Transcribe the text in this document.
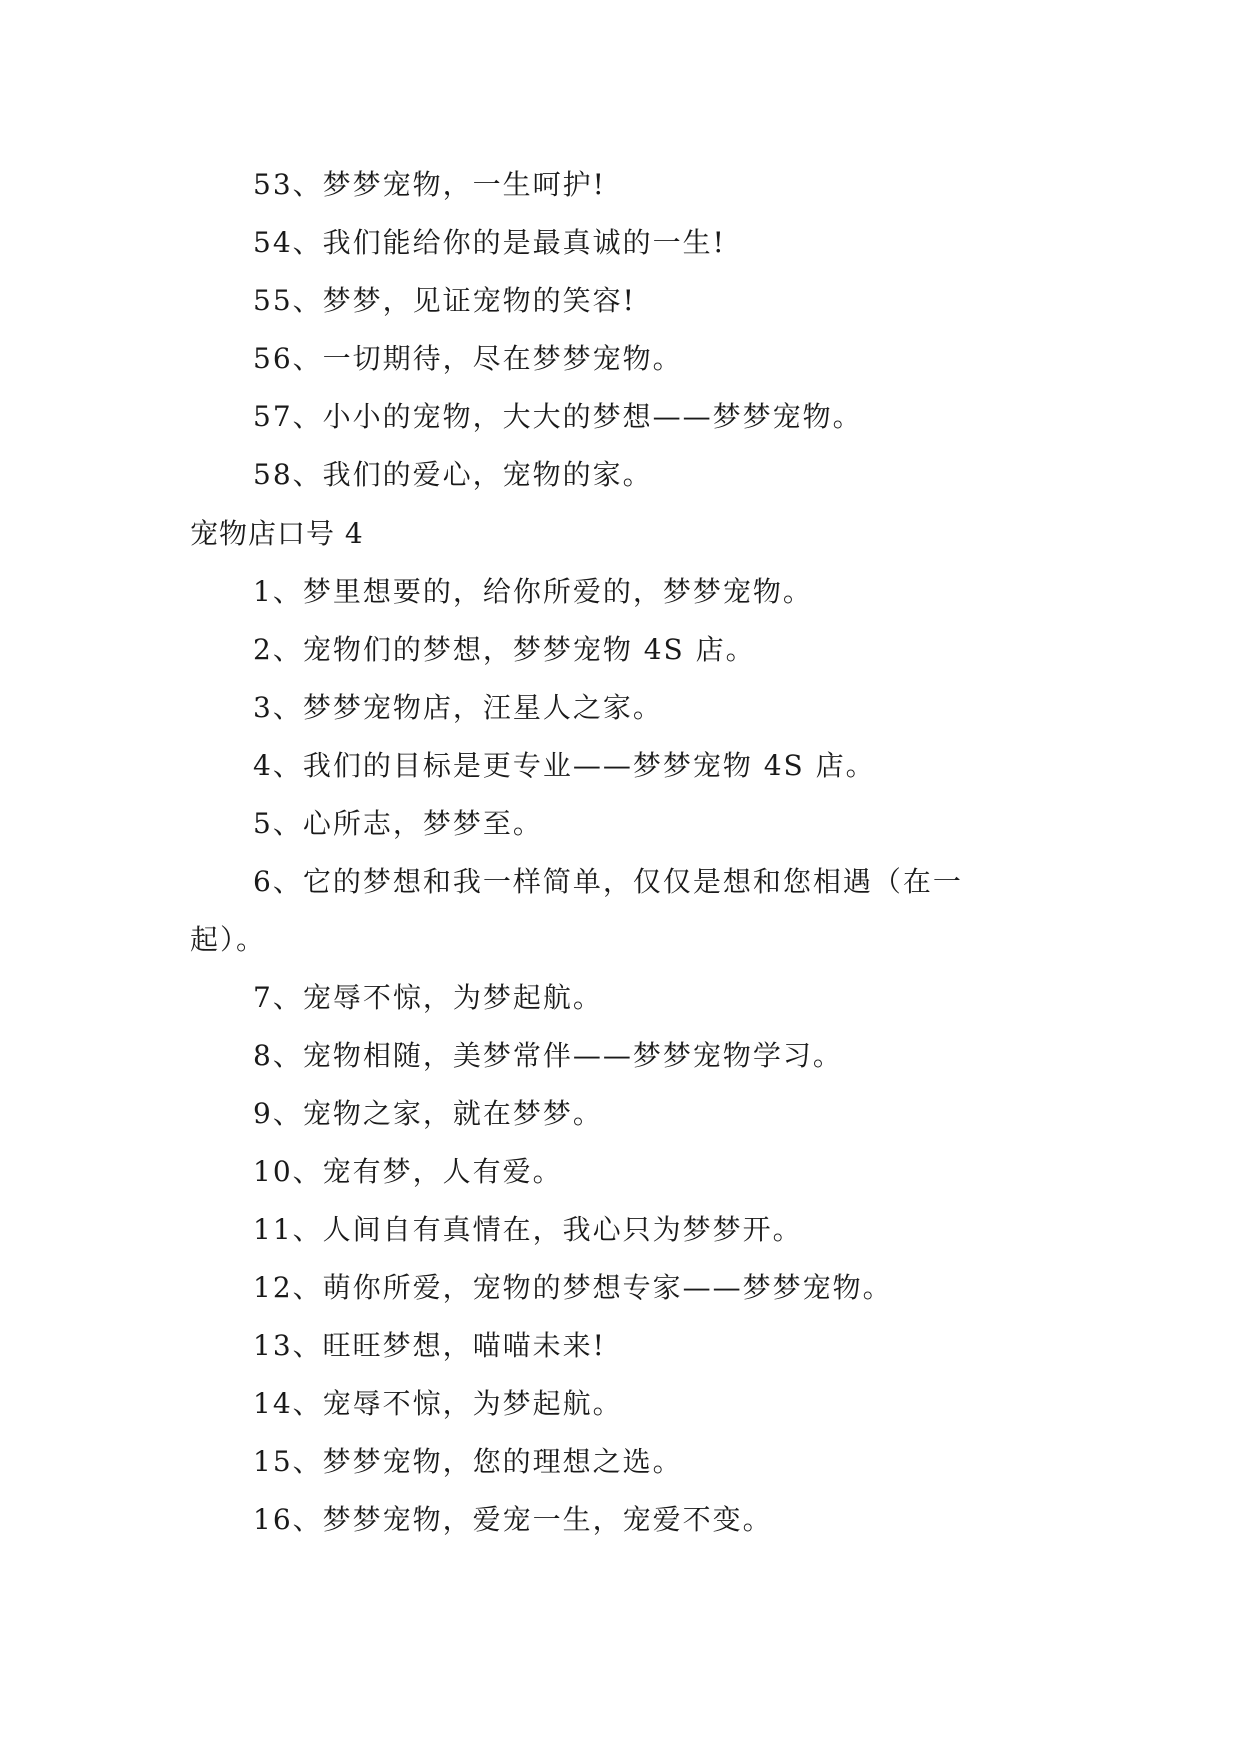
53、梦梦宠物，一生呵护!
54、我们能给你的是最真诚的一生!
55、梦梦，见证宠物的笑容!
56、一切期待，尽在梦梦宠物。
57、小小的宠物，大大的梦想——梦梦宠物。
58、我们的爱心，宠物的家。
宠物店口号 4
1、梦里想要的，给你所爱的，梦梦宠物。
2、宠物们的梦想，梦梦宠物 4S 店。
3、梦梦宠物店，汪星人之家。
4、我们的目标是更专业——梦梦宠物 4S 店。
5、心所志，梦梦至。
6、它的梦想和我一样简单，仅仅是想和您相遇（在一
起）。
7、宠辱不惊，为梦起航。
8、宠物相随，美梦常伴——梦梦宠物学习。
9、宠物之家，就在梦梦。
10、宠有梦，人有爱。
11、人间自有真情在，我心只为梦梦开。
12、萌你所爱，宠物的梦想专家——梦梦宠物。
13、旺旺梦想，喵喵未来!
14、宠辱不惊，为梦起航。
15、梦梦宠物，您的理想之选。
16、梦梦宠物，爱宠一生，宠爱不变。
